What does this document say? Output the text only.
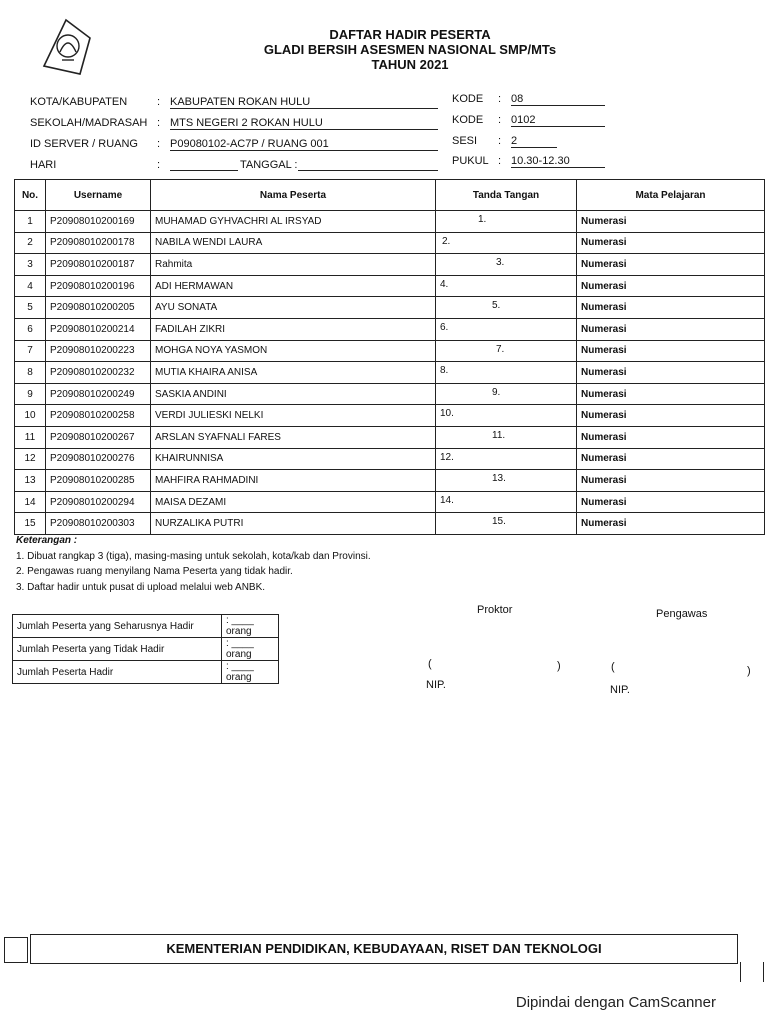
DAFTAR HADIR PESERTA
GLADI BERSIH ASESMEN NASIONAL SMP/MTs
TAHUN 2021
KOTA/KABUPATEN	: KABUPATEN ROKAN HULU
SEKOLAH/MADRASAH : MTS NEGERI 2 ROKAN HULU
ID SERVER / RUANG : P09080102-AC7P / RUANG 001
HARI	:	TANGGAL :
KODE : 08
KODE : 0102
SESI : 2
PUKUL : 10.30-12.30
No.	Username	Nama Peserta	Tanda Tangan	Mata Pelajaran
1	P20908010200169	MUHAMAD GYHVACHRI AL IRSYAD	1.	Numerasi
2	P20908010200178	NABILA WENDI LAURA	2.	Numerasi
3	P20908010200187	Rahmita	3.	Numerasi
4	P20908010200196	ADI HERMAWAN	4.	Numerasi
5	P20908010200205	AYU SONATA	5.	Numerasi
6	P20908010200214	FADILAH ZIKRI	6.	Numerasi
7	P20908010200223	MOHGA NOYA YASMON	7.	Numerasi
8	P20908010200232	MUTIA KHAIRA ANISA	8.	Numerasi
9	P20908010200249	SASKIA ANDINI	9.	Numerasi
10	P20908010200258	VERDI JULIESKI NELKI	10.	Numerasi
11	P20908010200267	ARSLAN SYAFNALI FARES	11.	Numerasi
12	P20908010200276	KHAIRUNNISA	12.	Numerasi
13	P20908010200285	MAHFIRA RAHMADINI	13.	Numerasi
14	P20908010200294	MAISA DEZAMI	14.	Numerasi
15	P20908010200303	NURZALIKA PUTRI	15.	Numerasi
Keterangan :
1. Dibuat rangkap 3 (tiga), masing-masing untuk sekolah, kota/kab dan Provinsi.
2. Pengawas ruang menyilang Nama Peserta yang tidak hadir.
3. Daftar hadir untuk pusat di upload melalui web ANBK.
Jumlah Peserta yang Seharusnya Hadir	: ____ orang
Jumlah Peserta yang Tidak Hadir	: ____ orang
Jumlah Peserta Hadir	: ____ orang
Proktor	Pengawas
(	)	(	)
NIP.	NIP.
KEMENTERIAN PENDIDIKAN, KEBUDAYAAN, RISET DAN TEKNOLOGI
Dipindai dengan CamScanner
